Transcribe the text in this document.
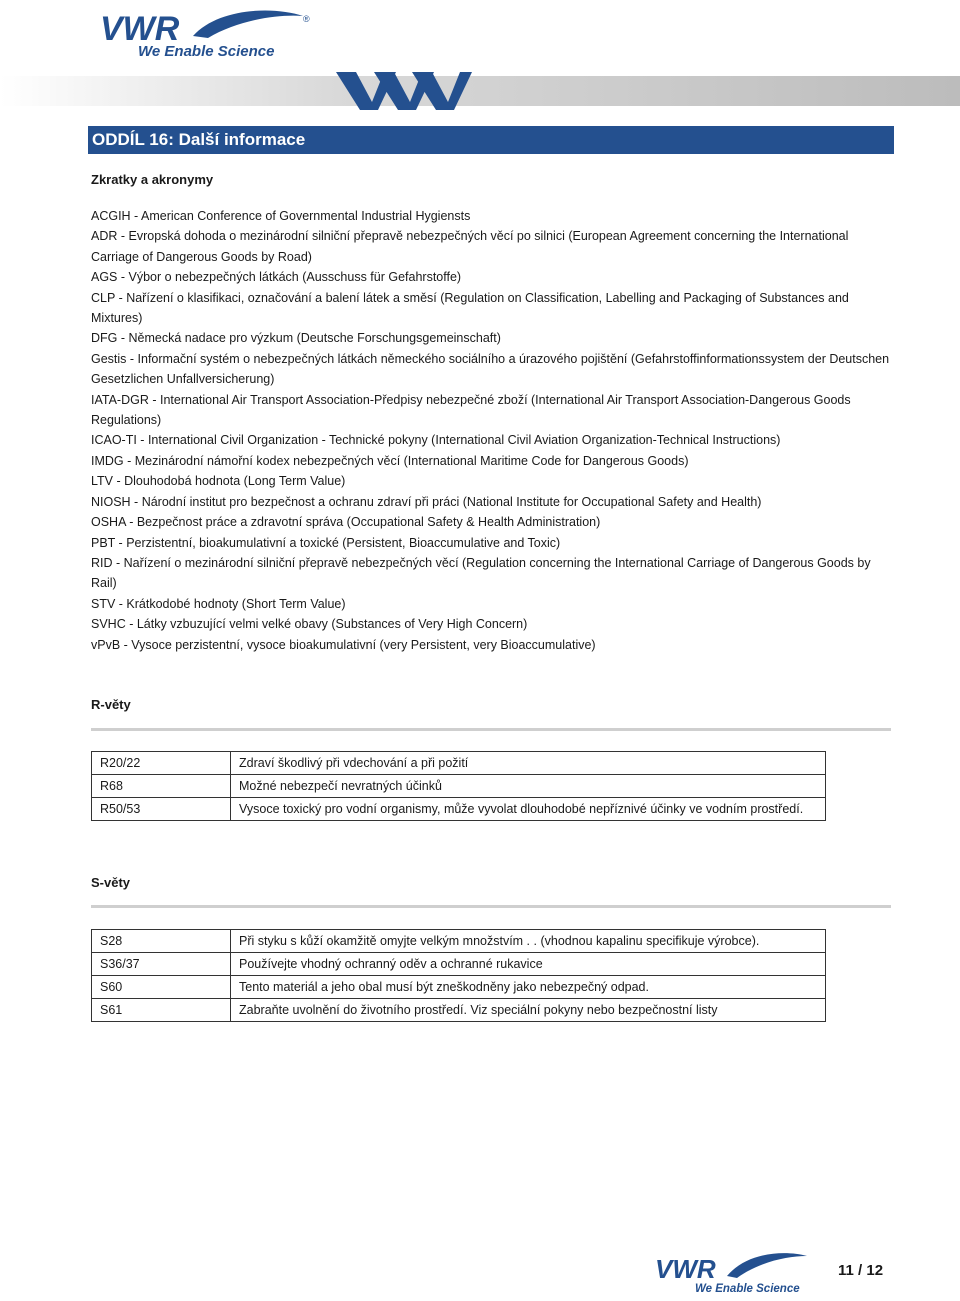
VWR	®
We Enable Science
ODDÍL 16: Další informace
Zkratky a akronymy

ACGIH - American Conference of Governmental Industrial Hygiensts

ADR - Evropská dohoda o mezinárodní silniční přepravě nebezpečných věcí po silnici (European Agreement concerning the International Carriage of Dangerous Goods by Road)

AGS - Výbor o nebezpečných látkách (Ausschuss für Gefahrstoffe)

CLP - Nařízení o klasifikaci, označování a balení látek a směsí (Regulation on Classification, Labelling and Packaging of Substances and Mixtures)

DFG - Německá nadace pro výzkum (Deutsche Forschungsgemeinschaft)

Gestis - Informační systém o nebezpečných látkách německého sociálního a úrazového pojištění (Gefahrstoffinformationssystem der Deutschen Gesetzlichen Unfallversicherung)

IATA-DGR - International Air Transport Association-Předpisy nebezpečné zboží (International Air Transport Association-Dangerous Goods Regulations)

ICAO-TI - International Civil Organization - Technické pokyny (International Civil Aviation Organization-Technical Instructions)

IMDG - Mezinárodní námořní kodex nebezpečných věcí (International Maritime Code for Dangerous Goods)

LTV - Dlouhodobá hodnota (Long Term Value)

NIOSH - Národní institut pro bezpečnost a ochranu zdraví při práci (National Institute for Occupational Safety and Health)

OSHA - Bezpečnost práce a zdravotní správa (Occupational Safety & Health Administration)

PBT - Perzistentní, bioakumulativní a toxické (Persistent, Bioaccumulative and Toxic)

RID - Nařízení o mezinárodní silniční přepravě nebezpečných věcí (Regulation concerning the International Carriage of Dangerous Goods by Rail)

STV - Krátkodobé hodnoty (Short Term Value)

SVHC - Látky vzbuzující velmi velké obavy (Substances of Very High Concern)

vPvB - Vysoce perzistentní, vysoce bioakumulativní (very Persistent, very Bioaccumulative)

R-věty
R20/22	Zdraví škodlivý při vdechování a při požití
R68	Možné nebezpečí nevratných účinků
R50/53	Vysoce toxický pro vodní organismy, může vyvolat dlouhodobé nepříznivé účinky ve vodním prostředí.
S-věty
S28	Při styku s kůží okamžitě omyjte velkým množstvím . . (vhodnou kapalinu specifikuje výrobce).
S36/37	Používejte vhodný ochranný oděv a ochranné rukavice
S60	Tento materiál a jeho obal musí být zneškodněny jako nebezpečný odpad.
S61	Zabraňte uvolnění do životního prostředí. Viz speciální pokyny nebo bezpečnostní listy
VWR
We Enable Science
11 / 12
